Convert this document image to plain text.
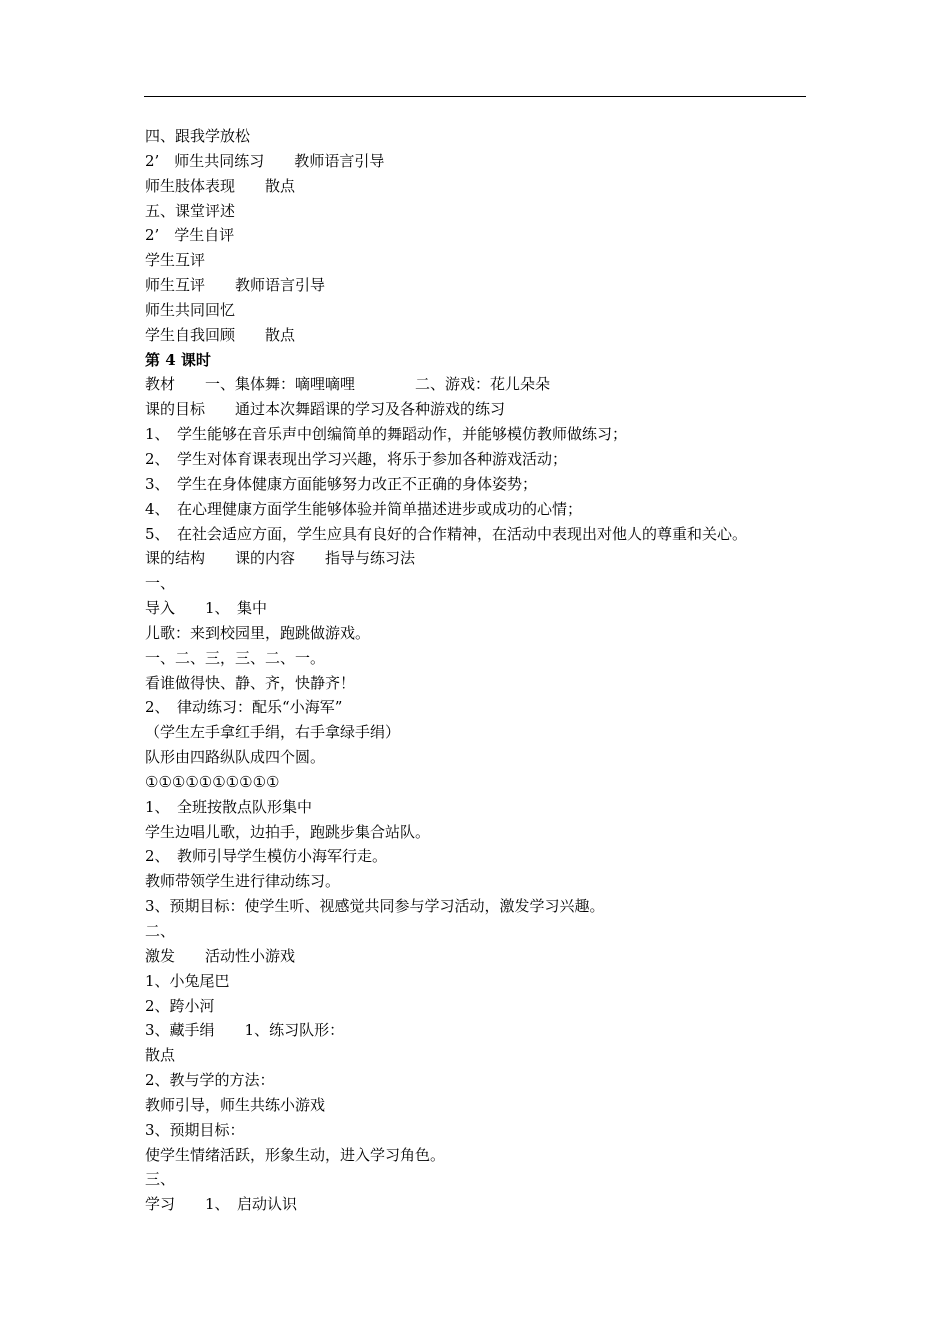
四、跟我学放松
2’　师生共同练习　　教师语言引导
师生肢体表现　　散点
五、课堂评述
2’　学生自评
学生互评
师生互评　　教师语言引导
师生共同回忆
学生自我回顾　　散点
第 4 课时
教材　　一、集体舞：嘀哩嘀哩　　　　二、游戏：花儿朵朵
课的目标　　通过本次舞蹈课的学习及各种游戏的练习
1、　学生能够在音乐声中创编简单的舞蹈动作，并能够模仿教师做练习；
2、　学生对体育课表现出学习兴趣，将乐于参加各种游戏活动；
3、　学生在身体健康方面能够努力改正不正确的身体姿势；
4、　在心理健康方面学生能够体验并简单描述进步或成功的心情；
5、　在社会适应方面，学生应具有良好的合作精神，在活动中表现出对他人的尊重和关心。
课的结构　　课的内容　　指导与练习法
一、
导入　　1、　集中
儿歌：来到校园里，跑跳做游戏。
一、二、三，三、二、一。
看谁做得快、静、齐，快静齐！
2、　律动练习：配乐“小海军”
（学生左手拿红手绢，右手拿绿手绢）
队形由四路纵队成四个圆。
①①①①①①①①①①
1、　全班按散点队形集中
学生边唱儿歌，边拍手，跑跳步集合站队。
2、　教师引导学生模仿小海军行走。
教师带领学生进行律动练习。
3、预期目标：使学生听、视感觉共同参与学习活动，激发学习兴趣。
二、
激发　　活动性小游戏
1、小兔尾巴
2、跨小河
3、藏手绢　　1、练习队形：
散点
2、教与学的方法：
教师引导，师生共练小游戏
3、预期目标：
使学生情绪活跃，形象生动，进入学习角色。
三、
学习　　1、　启动认识
